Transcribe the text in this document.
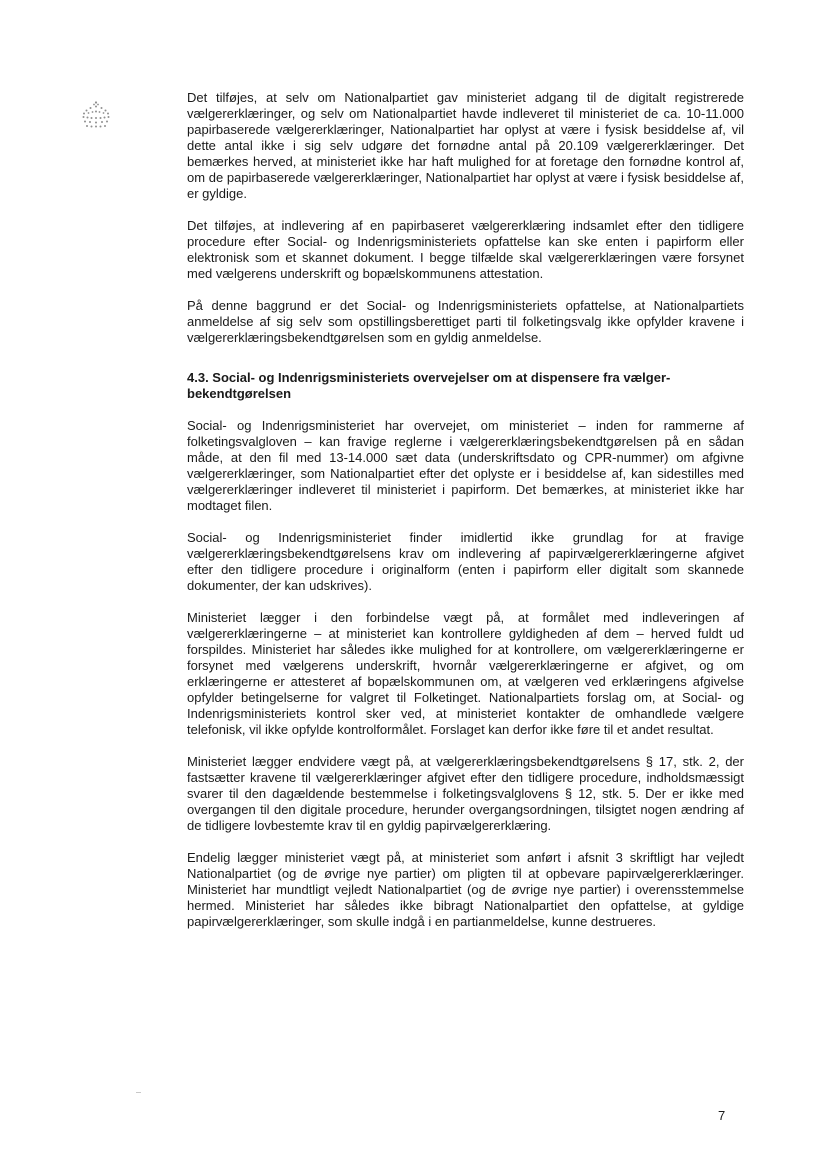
Det tilføjes, at selv om Nationalpartiet gav ministeriet adgang til de digitalt registrerede vælgererklæringer, og selv om Nationalpartiet havde indleveret til ministeriet de ca. 10-11.000 papirbaserede vælgererklæringer, Nationalpartiet har oplyst at være i fysisk besiddelse af, vil dette antal ikke i sig selv udgøre det fornødne antal på 20.109 vælgererklæringer. Det bemærkes herved, at ministeriet ikke har haft mulighed for at foretage den fornødne kontrol af, om de papirbaserede vælgererklæringer, Nationalpartiet har oplyst at være i fysisk besiddelse af, er gyldige.

Det tilføjes, at indlevering af en papirbaseret vælgererklæring indsamlet efter den tidligere procedure efter Social- og Indenrigsministeriets opfattelse kan ske enten i papirform eller elektronisk som et skannet dokument. I begge tilfælde skal vælgererklæringen være forsynet med vælgerens underskrift og bopælskommunens attestation.

På denne baggrund er det Social- og Indenrigsministeriets opfattelse, at Nationalpartiets anmeldelse af sig selv som opstillingsberettiget parti til folketingsvalg ikke opfylder kravene i vælgererklæringsbekendtgørelsen som en gyldig anmeldelse.

4.3. Social- og Indenrigsministeriets overvejelser om at dispensere fra vælgerbekendtgørelsen

Social- og Indenrigsministeriet har overvejet, om ministeriet – inden for rammerne af folketingsvalgloven – kan fravige reglerne i vælgererklæringsbekendtgørelsen på en sådan måde, at den fil med 13-14.000 sæt data (underskriftsdato og CPR-nummer) om afgivne vælgererklæringer, som Nationalpartiet efter det oplyste er i besiddelse af, kan sidestilles med vælgererklæringer indleveret til ministeriet i papirform. Det bemærkes, at ministeriet ikke har modtaget filen.

Social- og Indenrigsministeriet finder imidlertid ikke grundlag for at fravige vælgererklæringsbekendtgørelsens krav om indlevering af papirvælgererklæringerne afgivet efter den tidligere procedure i originalform (enten i papirform eller digitalt som skannede dokumenter, der kan udskrives).

Ministeriet lægger i den forbindelse vægt på, at formålet med indleveringen af vælgererklæringerne – at ministeriet kan kontrollere gyldigheden af dem – herved fuldt ud forspildes. Ministeriet har således ikke mulighed for at kontrollere, om vælgererklæringerne er forsynet med vælgerens underskrift, hvornår vælgererklæringerne er afgivet, og om erklæringerne er attesteret af bopælskommunen om, at vælgeren ved erklæringens afgivelse opfylder betingelserne for valgret til Folketinget. Nationalpartiets forslag om, at Social- og Indenrigsministeriets kontrol sker ved, at ministeriet kontakter de omhandlede vælgere telefonisk, vil ikke opfylde kontrolformålet. Forslaget kan derfor ikke føre til et andet resultat.

Ministeriet lægger endvidere vægt på, at vælgererklæringsbekendtgørelsens § 17, stk. 2, der fastsætter kravene til vælgererklæringer afgivet efter den tidligere procedure, indholdsmæssigt svarer til den dagældende bestemmelse i folketingsvalglovens § 12, stk. 5. Der er ikke med overgangen til den digitale procedure, herunder overgangsordningen, tilsigtet nogen ændring af de tidligere lovbestemte krav til en gyldig papirvælgererklæring.

Endelig lægger ministeriet vægt på, at ministeriet som anført i afsnit 3 skriftligt har vejledt Nationalpartiet (og de øvrige nye partier) om pligten til at opbevare papirvælgererklæringer. Ministeriet har mundtligt vejledt Nationalpartiet (og de øvrige nye partier) i overensstemmelse hermed. Ministeriet har således ikke bibragt Nationalpartiet den opfattelse, at gyldige papirvælgererklæringer, som skulle indgå i en partianmeldelse, kunne destrueres.

7
